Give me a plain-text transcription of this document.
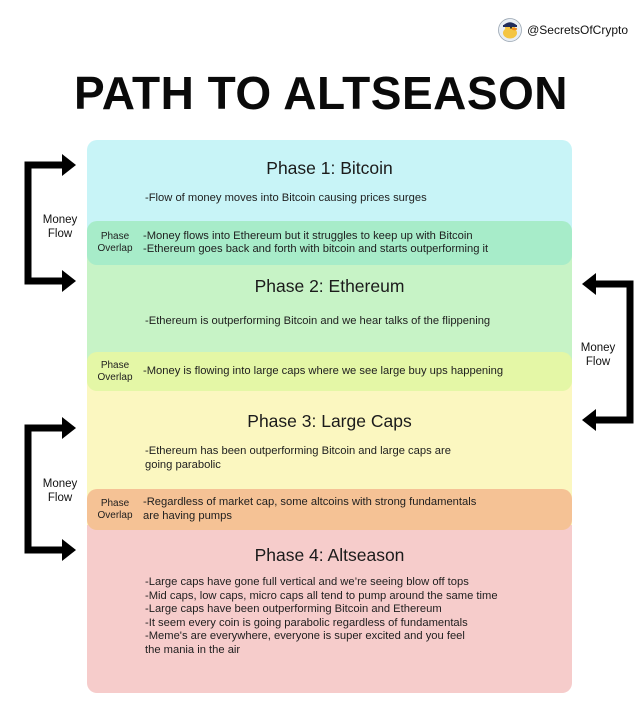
@SecretsOfCrypto
PATH TO ALTSEASON
Phase 1: Bitcoin
-Flow of money moves into Bitcoin causing prices surges
Phase 2: Ethereum
-Ethereum is outperforming Bitcoin and we hear talks of the flippening
Phase 3: Large Caps
-Ethereum has been outperforming Bitcoin and large caps are
going parabolic
Phase 4: Altseason
-Large caps have gone full vertical and we’re seeing blow off tops
-Mid caps, low caps, micro caps all tend to pump around the same time
-Large caps have been outperforming Bitcoin and Ethereum
-It seem every coin is going parabolic regardless of fundamentals
-Meme's are everywhere, everyone is super excited and you feel
the mania in the air
Phase
Overlap
-Money flows into Ethereum but it struggles to keep up with Bitcoin
-Ethereum goes back and forth with bitcoin and starts outperforming it
Phase
Overlap
-Money is flowing into large caps where we see large buy ups happening
Phase
Overlap
-Regardless of market cap, some altcoins with strong fundamentals
are having pumps
Money
Flow
Money
Flow
Money
Flow
